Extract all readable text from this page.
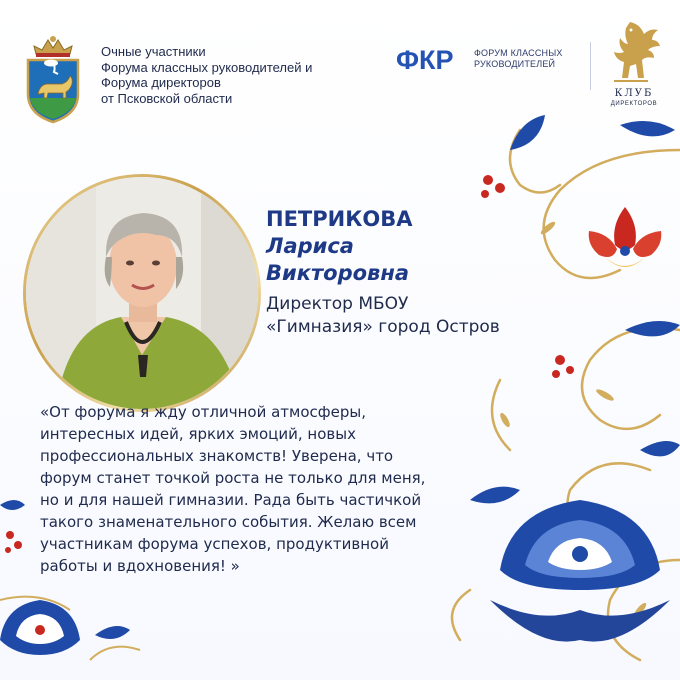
Очные участники
Форума классных руководителей и
Форума директоров
от Псковской области
ФКР ФОРУМ КЛАССНЫХ
РУКОВОДИТЕЛЕЙ
КЛУБ
ДИРЕКТОРОВ
ПЕТРИКОВА
Лариса
Викторовна
Директор МБОУ
«Гимназия» город Остров
«От форума я жду отличной атмосферы,
интересных идей, ярких эмоций, новых
профессиональных знакомств! Уверена, что
форум станет точкой роста не только для меня,
но и для нашей гимназии. Рада быть частичкой
такого знаменательного события. Желаю всем
участникам форума успехов, продуктивной
работы и вдохновения! »
